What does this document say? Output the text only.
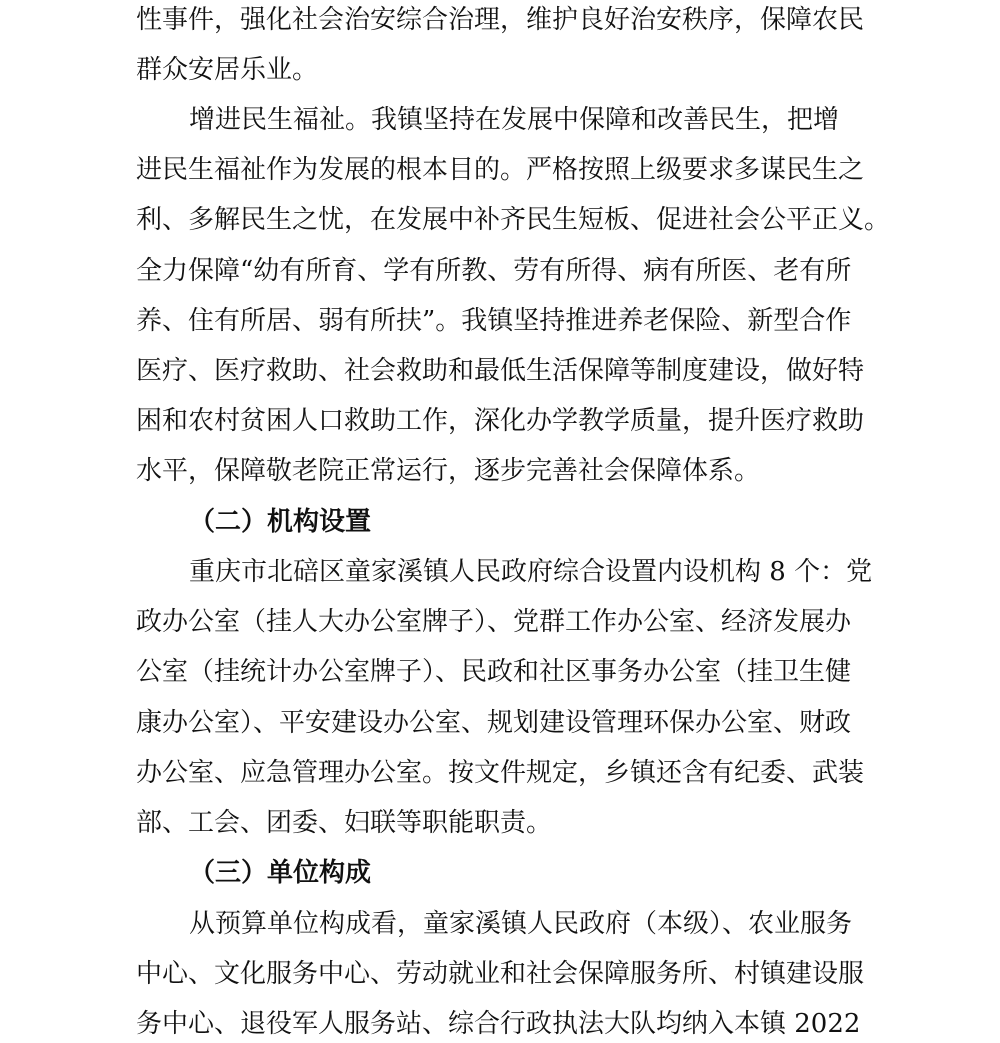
性事件，强化社会治安综合治理，维护良好治安秩序，保障农民
群众安居乐业。
增进民生福祉。我镇坚持在发展中保障和改善民生，把增
进民生福祉作为发展的根本目的。严格按照上级要求多谋民生之
利、多解民生之忧，在发展中补齐民生短板、促进社会公平正义。
全力保障“幼有所育、学有所教、劳有所得、病有所医、老有所
养、住有所居、弱有所扶”。我镇坚持推进养老保险、新型合作
医疗、医疗救助、社会救助和最低生活保障等制度建设，做好特
困和农村贫困人口救助工作，深化办学教学质量，提升医疗救助
水平，保障敬老院正常运行，逐步完善社会保障体系。
（二）机构设置
重庆市北碚区童家溪镇人民政府综合设置内设机构 8 个：党
政办公室（挂人大办公室牌子）、党群工作办公室、经济发展办
公室（挂统计办公室牌子）、民政和社区事务办公室（挂卫生健
康办公室）、平安建设办公室、规划建设管理环保办公室、财政
办公室、应急管理办公室。按文件规定，乡镇还含有纪委、武装
部、工会、团委、妇联等职能职责。
（三）单位构成
从预算单位构成看，童家溪镇人民政府（本级）、农业服务
中心、文化服务中心、劳动就业和社会保障服务所、村镇建设服
务中心、退役军人服务站、综合行政执法大队均纳入本镇 2022
